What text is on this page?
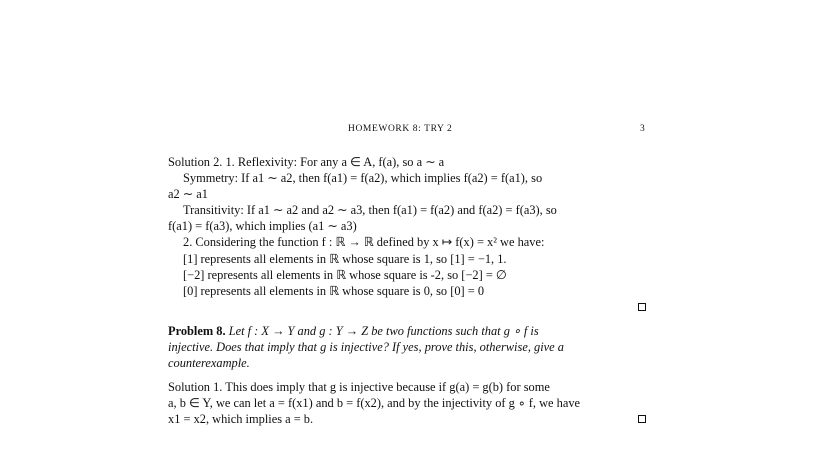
HOMEWORK 8: TRY 2	3
Solution 2. 1. Reflexivity: For any a ∈ A, f(a), so a ∼ a
Symmetry: If a1 ∼ a2, then f(a1) = f(a2), which implies f(a2) = f(a1), so
a2 ∼ a1
Transitivity: If a1 ∼ a2 and a2 ∼ a3, then f(a1) = f(a2) and f(a2) = f(a3), so
f(a1) = f(a3), which implies (a1 ∼ a3)
2. Considering the function f : ℝ → ℝ defined by x ↦ f(x) = x² we have:
[1] represents all elements in ℝ whose square is 1, so [1] = −1, 1.
[−2] represents all elements in ℝ whose square is -2, so [−2] = ∅
[0] represents all elements in ℝ whose square is 0, so [0] = 0
Problem 8. Let f : X → Y and g : Y → Z be two functions such that g ∘ f is
injective. Does that imply that g is injective? If yes, prove this, otherwise, give a
counterexample.
Solution 1. This does imply that g is injective because if g(a) = g(b) for some
a, b ∈ Y, we can let a = f(x1) and b = f(x2), and by the injectivity of g ∘ f, we have
x1 = x2, which implies a = b.
